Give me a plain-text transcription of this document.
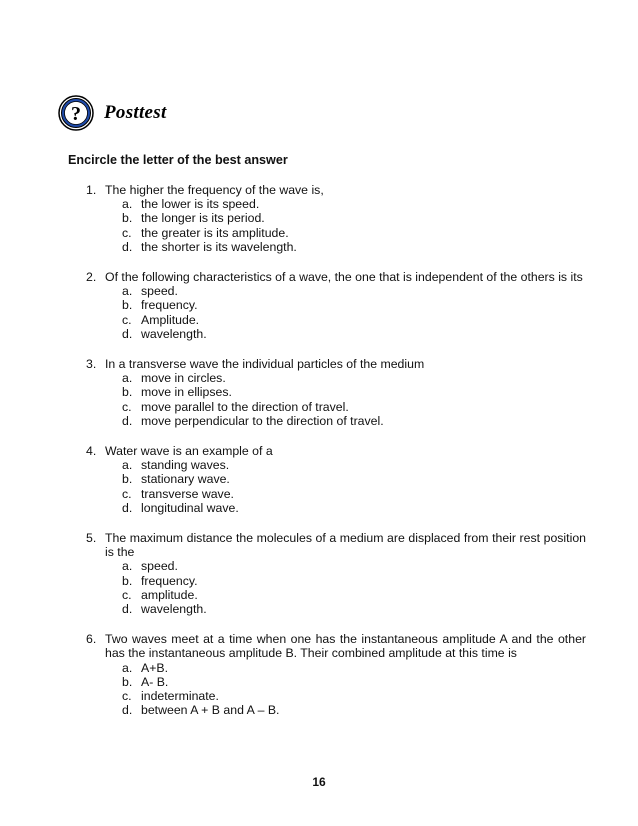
? Posttest

Encircle the letter of the best answer

1. The higher the frequency of the wave is,
a. the lower is its speed.
b. the longer is its period.
c. the greater is its amplitude.
d. the shorter is its wavelength.
2. Of the following characteristics of a wave, the one that is independent of the others is its
a. speed.
b. frequency.
c. Amplitude.
d. wavelength.
3. In a transverse wave the individual particles of the medium
a. move in circles.
b. move in ellipses.
c. move parallel to the direction of travel.
d. move perpendicular to the direction of travel.
4. Water wave is an example of a
a. standing waves.
b. stationary wave.
c. transverse wave.
d. longitudinal wave.
5. The maximum distance the molecules of a medium are displaced from their rest position is the
a. speed.
b. frequency.
c. amplitude.
d. wavelength.
6. Two waves meet at a time when one has the instantaneous amplitude A and the other has the instantaneous amplitude B. Their combined amplitude at this time is
a. A+B.
b. A- B.
c. indeterminate.
d. between A + B and A – B.
16
